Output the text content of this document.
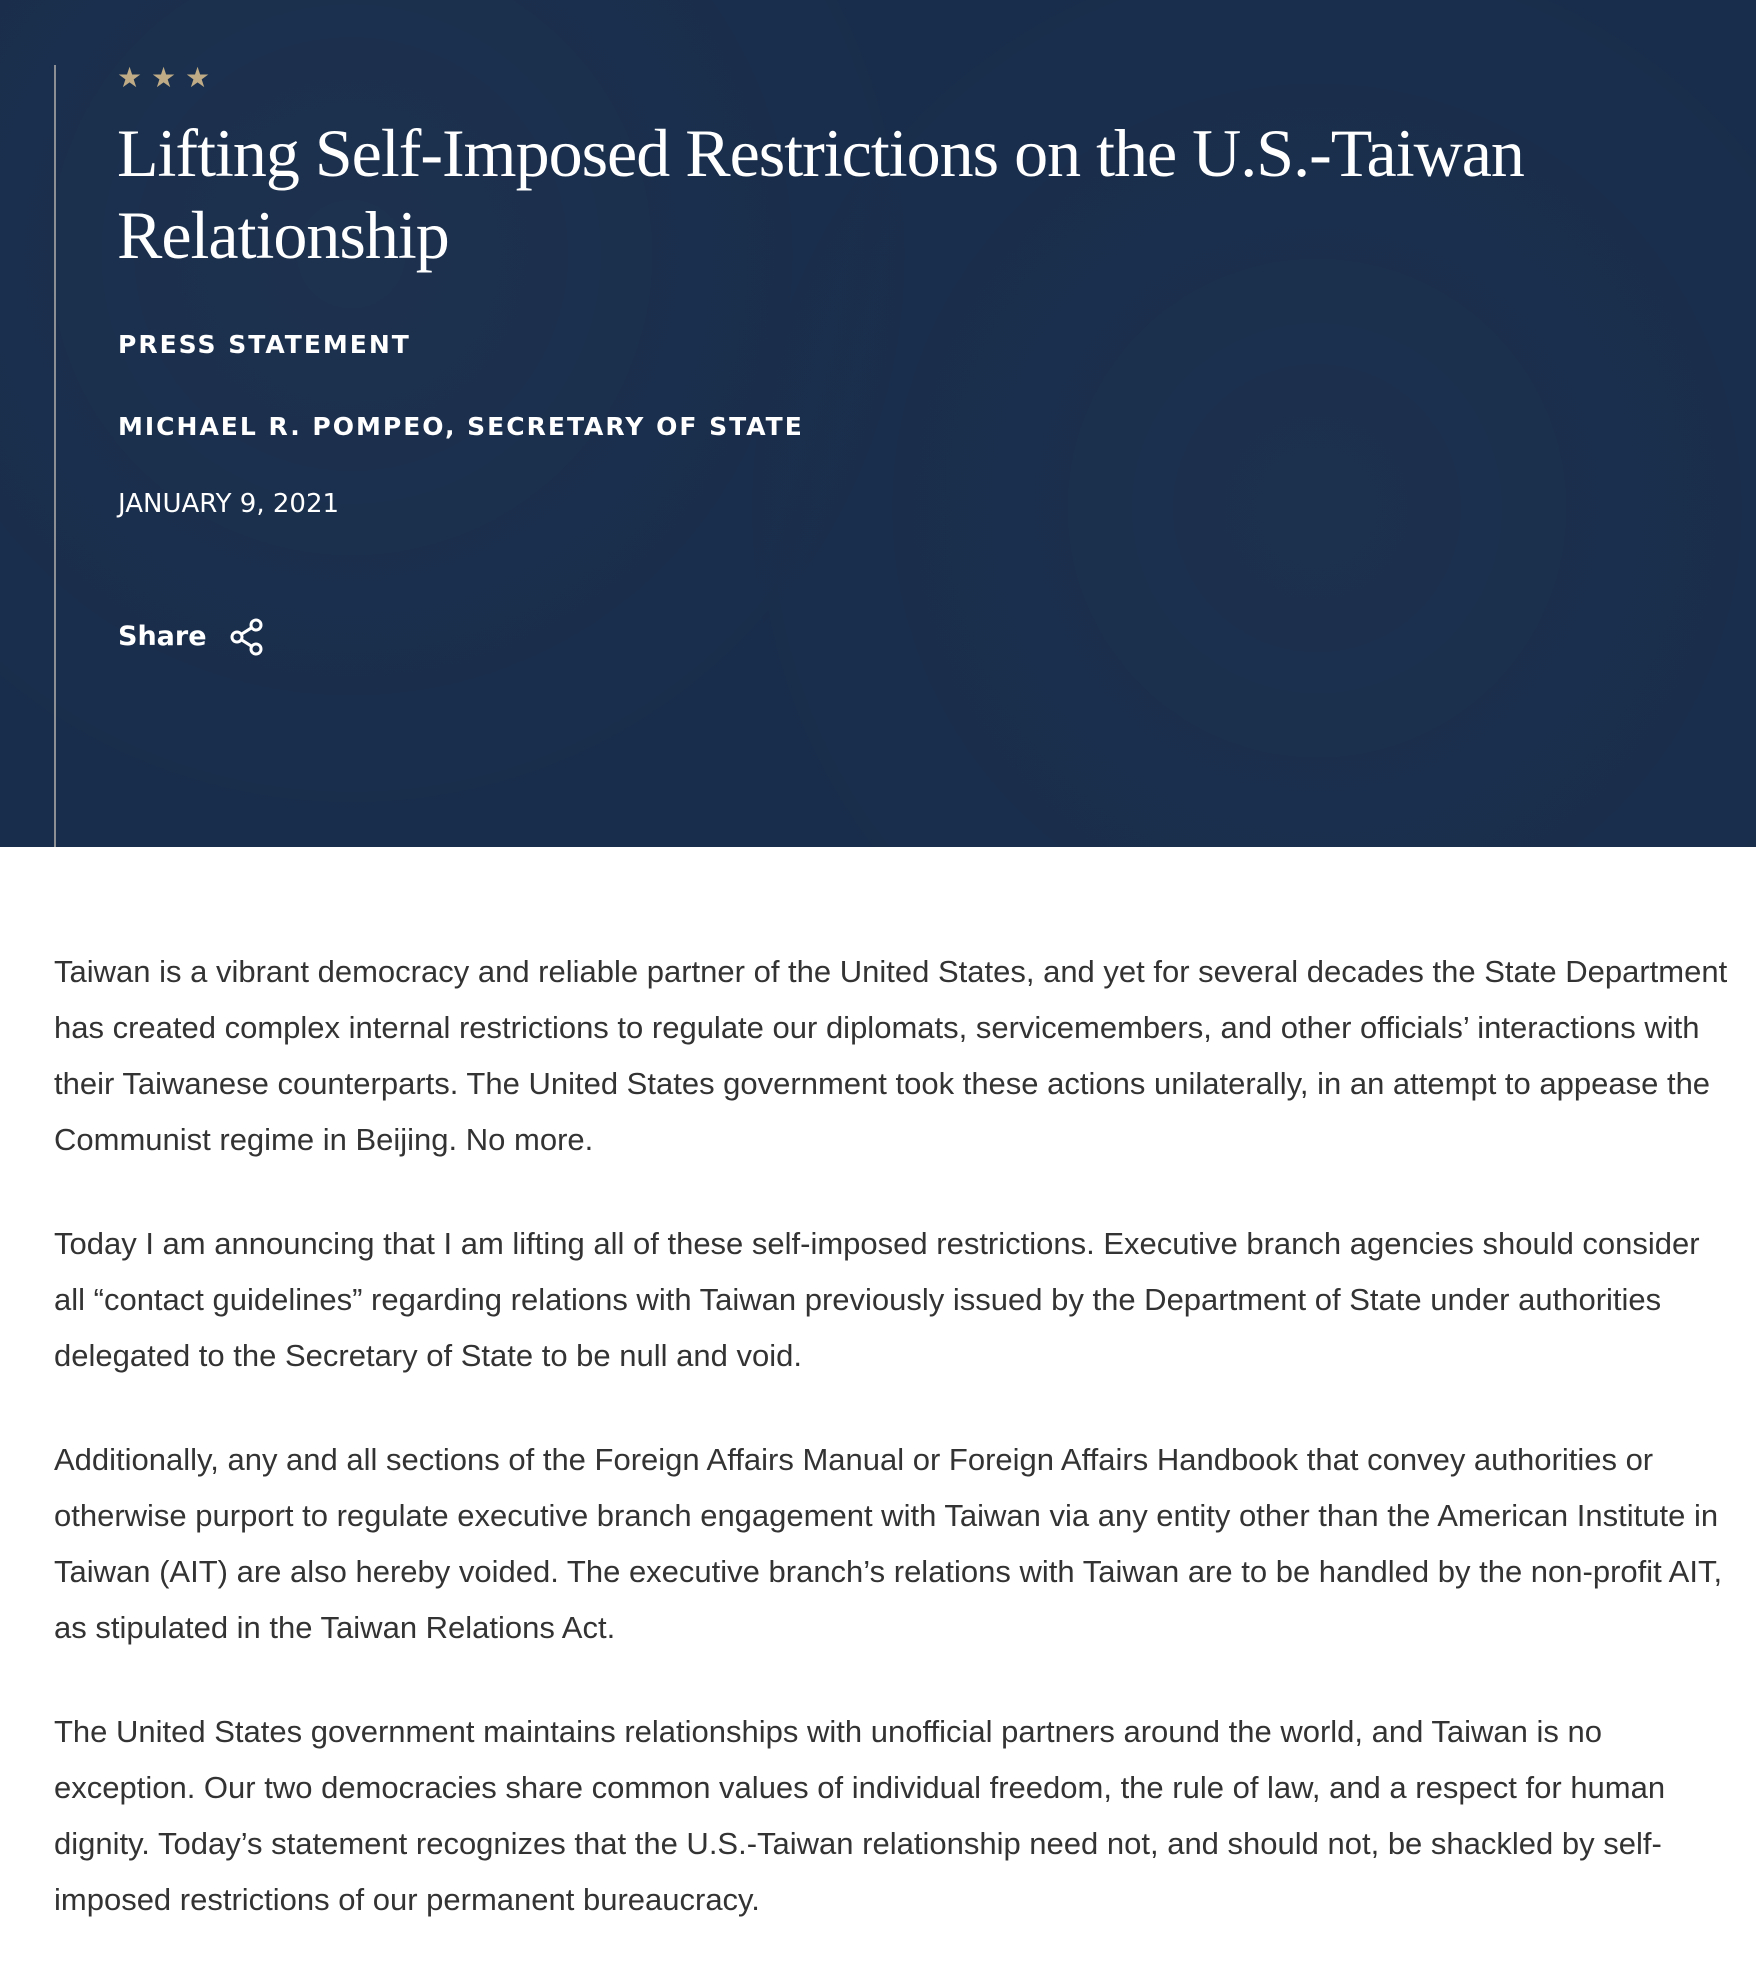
★ ★ ★
Lifting Self-Imposed Restrictions on the U.S.-Taiwan Relationship
PRESS STATEMENT
MICHAEL R. POMPEO, SECRETARY OF STATE
JANUARY 9, 2021
Share

Taiwan is a vibrant democracy and reliable partner of the United States, and yet for several decades the State Department has created complex internal restrictions to regulate our diplomats, servicemembers, and other officials’ interactions with their Taiwanese counterparts. The United States government took these actions unilaterally, in an attempt to appease the Communist regime in Beijing. No more.

Today I am announcing that I am lifting all of these self-imposed restrictions. Executive branch agencies should consider all “contact guidelines” regarding relations with Taiwan previously issued by the Department of State under authorities delegated to the Secretary of State to be null and void.

Additionally, any and all sections of the Foreign Affairs Manual or Foreign Affairs Handbook that convey authorities or otherwise purport to regulate executive branch engagement with Taiwan via any entity other than the American Institute in Taiwan (AIT) are also hereby voided. The executive branch’s relations with Taiwan are to be handled by the non-profit AIT, as stipulated in the Taiwan Relations Act.

The United States government maintains relationships with unofficial partners around the world, and Taiwan is no exception. Our two democracies share common values of individual freedom, the rule of law, and a respect for human dignity. Today’s statement recognizes that the U.S.-Taiwan relationship need not, and should not, be shackled by self-imposed restrictions of our permanent bureaucracy.
